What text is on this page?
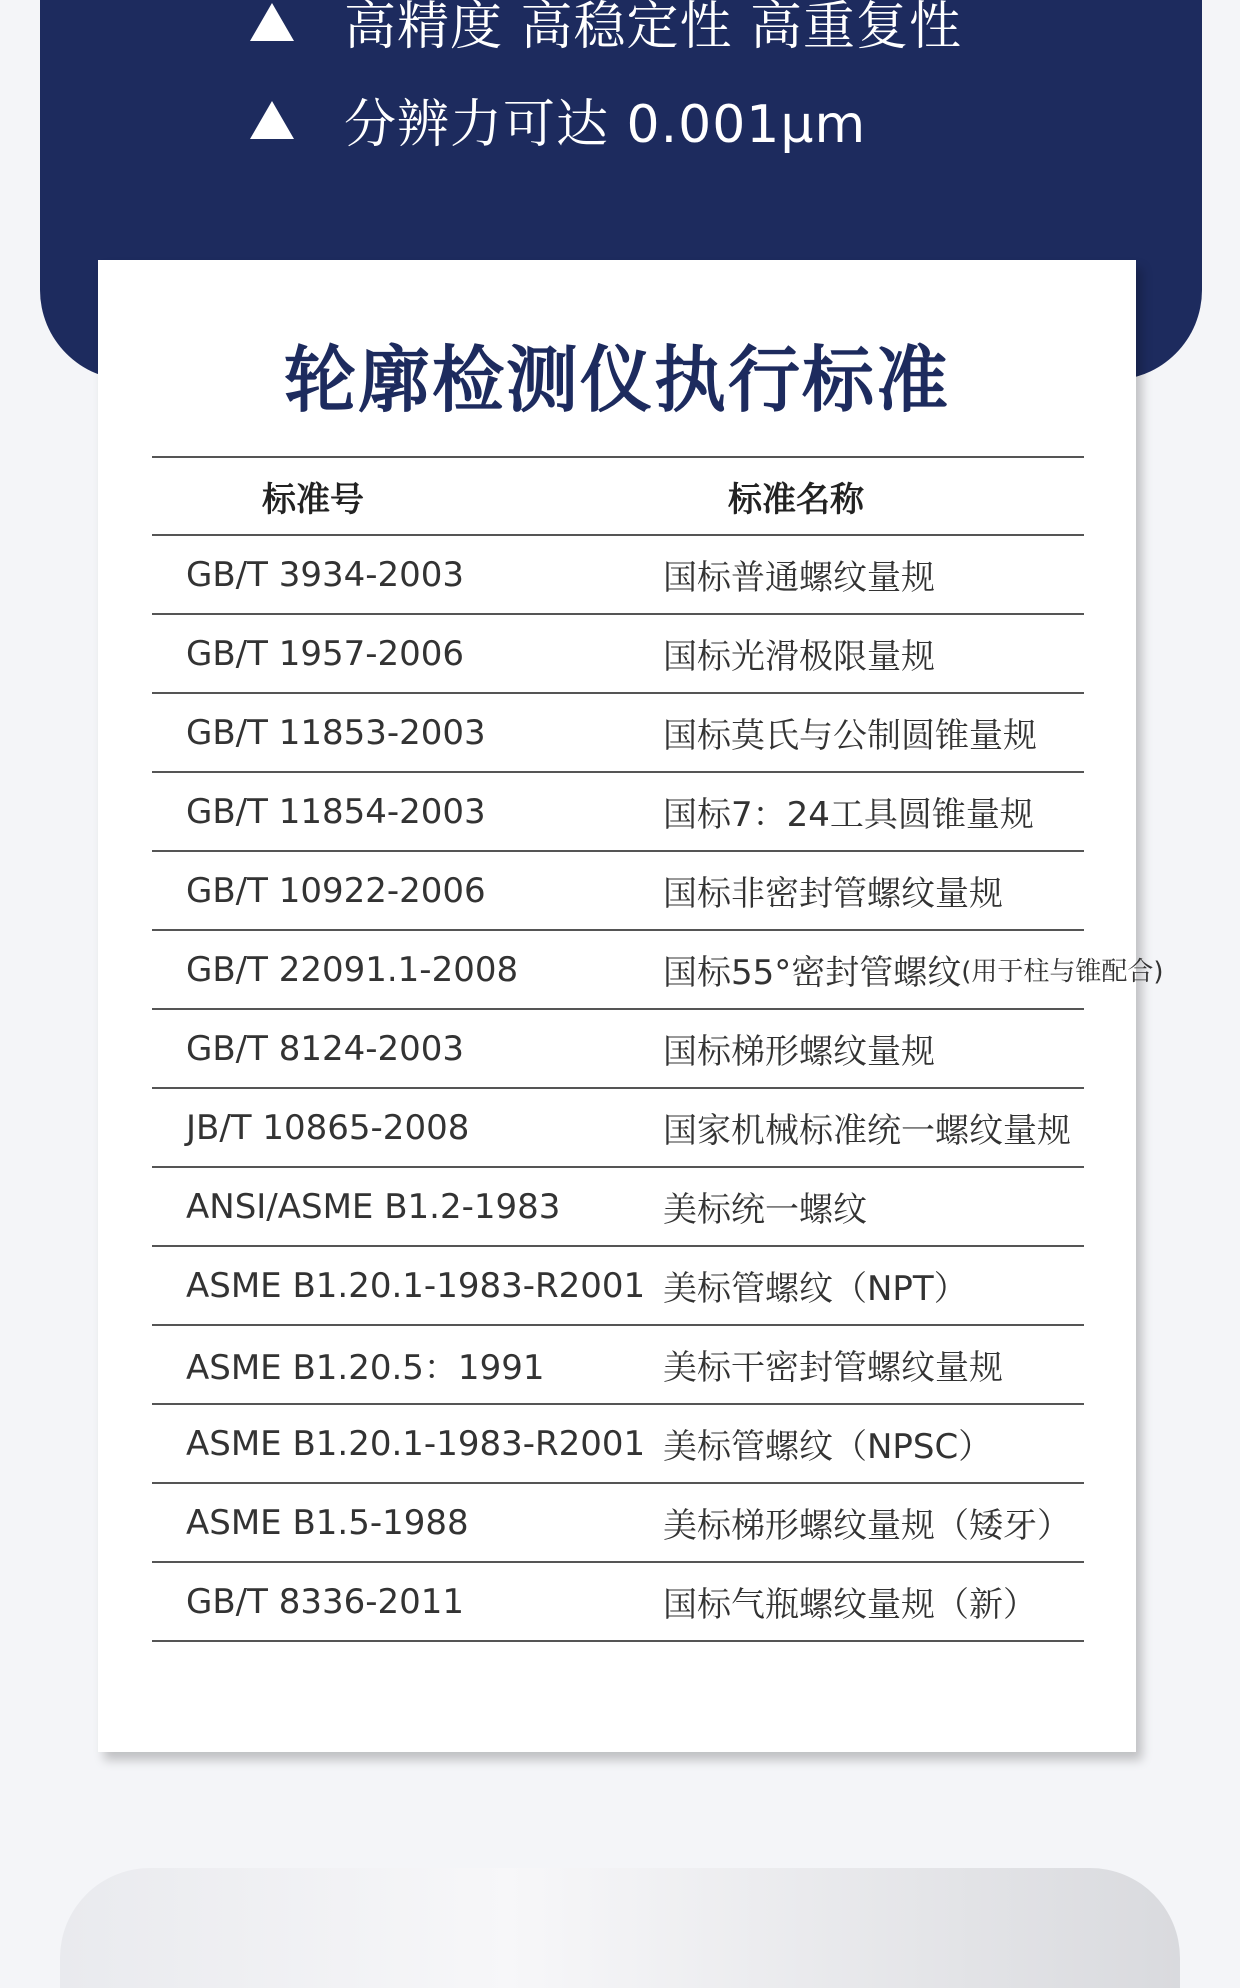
高精度 高稳定性 高重复性
分辨力可达 0.001μm
轮廓检测仪执行标准
标准号	标准名称
GB/T 3934-2003	国标普通螺纹量规
GB/T 1957-2006	国标光滑极限量规
GB/T 11853-2003	国标莫氏与公制圆锥量规
GB/T 11854-2003	国标7：24工具圆锥量规
GB/T 10922-2006	国标非密封管螺纹量规
GB/T 22091.1-2008	国标55°密封管螺纹 (用于柱与锥配合)
GB/T 8124-2003	国标梯形螺纹量规
JB/T 10865-2008	国家机械标准统一螺纹量规
ANSI/ASME B1.2-1983	美标统一螺纹
ASME B1.20.1-1983-R2001 美标管螺纹（NPT）
ASME B1.20.5：1991	美标干密封管螺纹量规
ASME B1.20.1-1983-R2001 美标管螺纹（NPSC）
ASME B1.5-1988	美标梯形螺纹量规（矮牙）
GB/T 8336-2011	国标气瓶螺纹量规（新）
